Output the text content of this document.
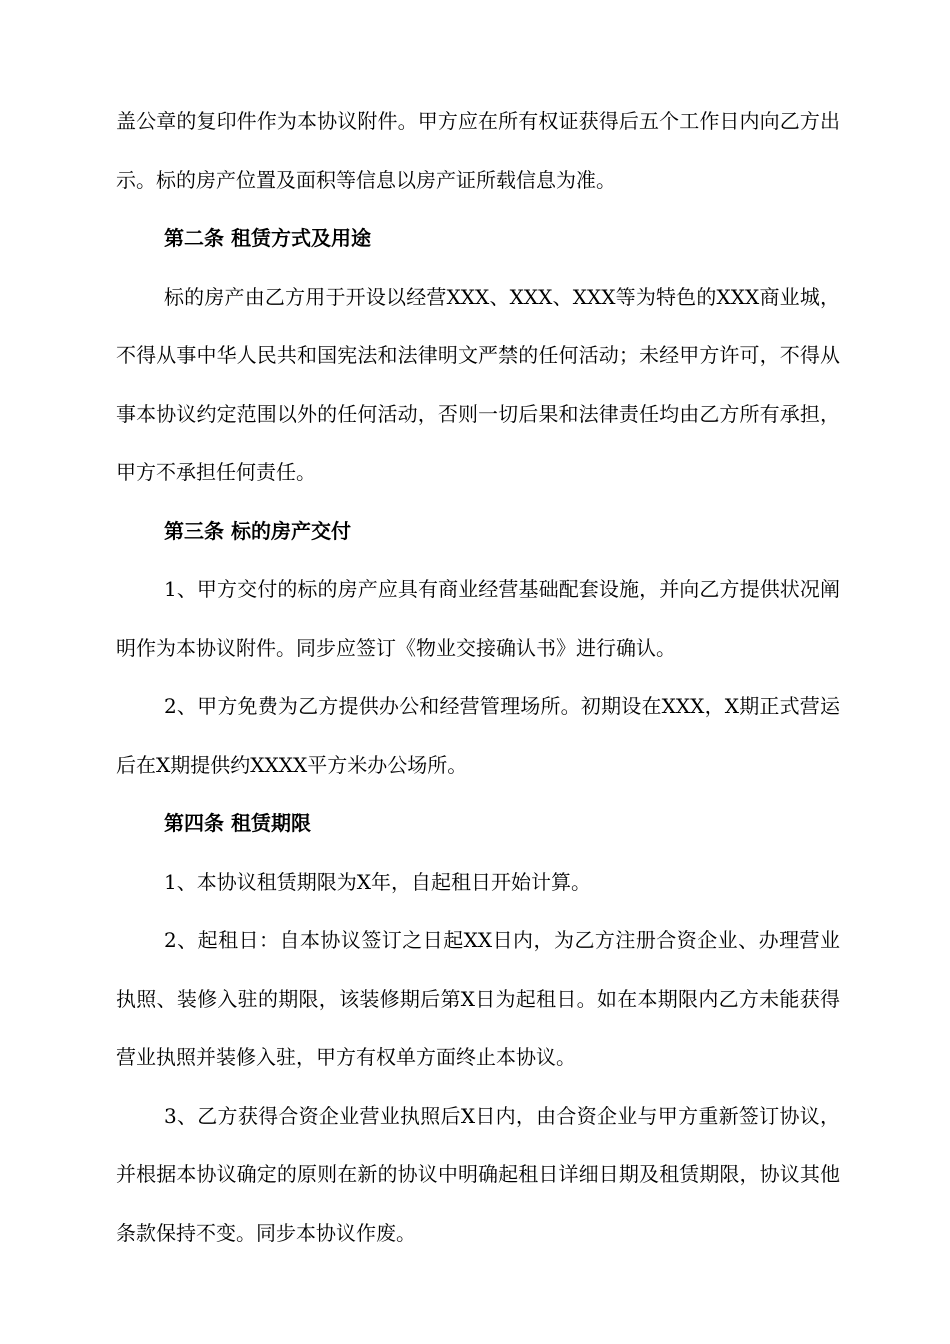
盖公章的复印件作为本协议附件。甲方应在所有权证获得后五个工作日内向乙方出示。标的房产位置及面积等信息以房产证所载信息为准。

第二条 租赁方式及用途

标的房产由乙方用于开设以经营XXX、XXX、XXX等为特色的XXX商业城，不得从事中华人民共和国宪法和法律明文严禁的任何活动；未经甲方许可，不得从事本协议约定范围以外的任何活动，否则一切后果和法律责任均由乙方所有承担，甲方不承担任何责任。

第三条 标的房产交付

1、甲方交付的标的房产应具有商业经营基础配套设施，并向乙方提供状况阐明作为本协议附件。同步应签订《物业交接确认书》进行确认。

2、甲方免费为乙方提供办公和经营管理场所。初期设在XXX，X期正式营运后在X期提供约XXXX平方米办公场所。

第四条 租赁期限

1、本协议租赁期限为X年，自起租日开始计算。

2、起租日：自本协议签订之日起XX日内，为乙方注册合资企业、办理营业执照、装修入驻的期限，该装修期后第X日为起租日。如在本期限内乙方未能获得营业执照并装修入驻，甲方有权单方面终止本协议。

3、乙方获得合资企业营业执照后X日内，由合资企业与甲方重新签订协议，并根据本协议确定的原则在新的协议中明确起租日详细日期及租赁期限，协议其他条款保持不变。同步本协议作废。
